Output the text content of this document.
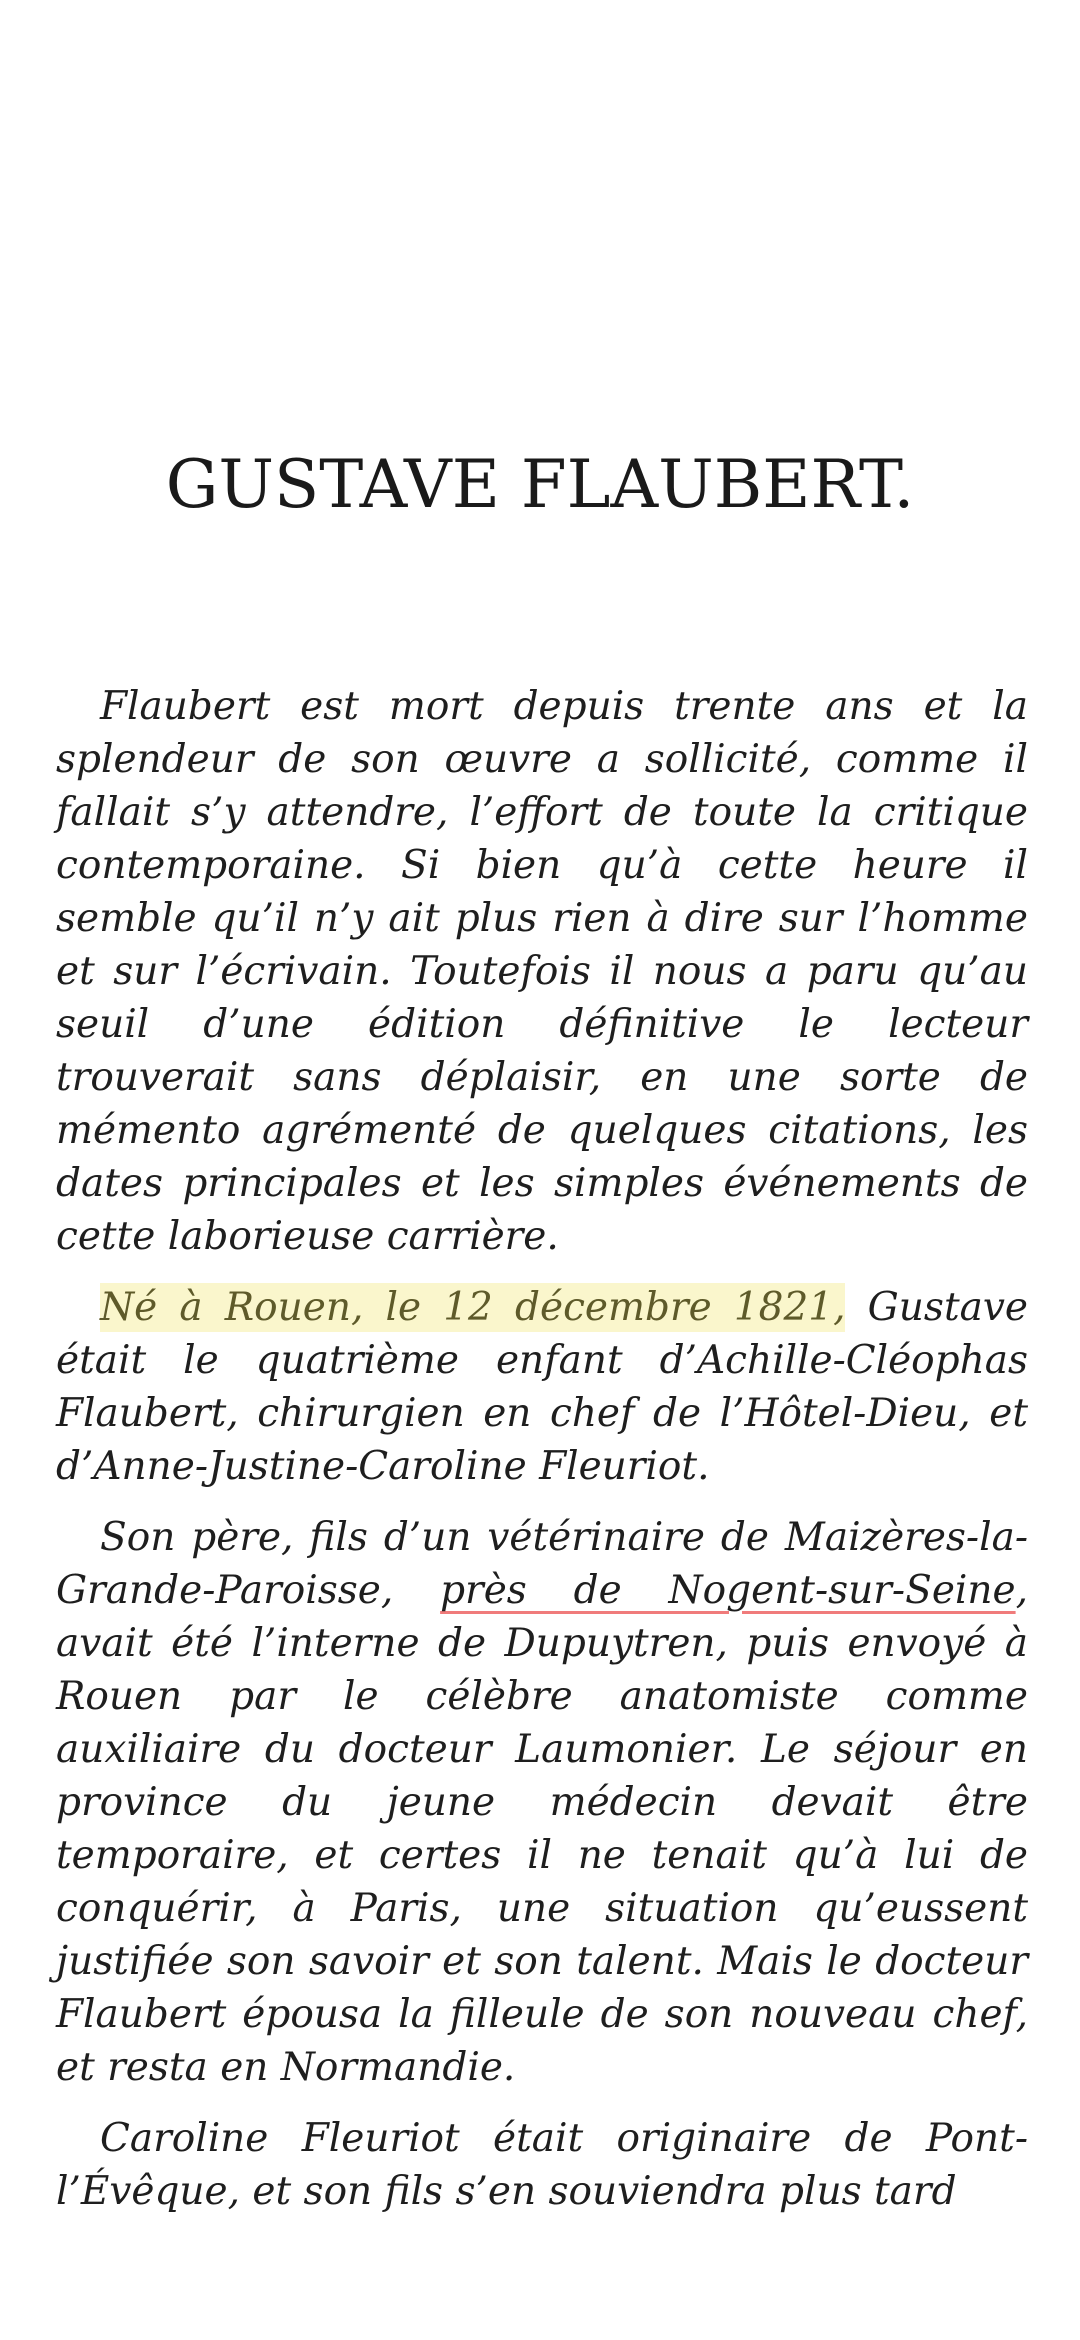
GUSTAVE FLAUBERT.

Flaubert est mort depuis trente ans et la splendeur de son œuvre a sollicité, comme il fallait s’y attendre, l’effort de toute la critique contemporaine. Si bien qu’à cette heure il semble qu’il n’y ait plus rien à dire sur l’homme et sur l’écrivain. Toutefois il nous a paru qu’au seuil d’une édition définitive le lecteur trouverait sans déplaisir, en une sorte de mémento agrémenté de quelques citations, les dates principales et les simples événements de cette laborieuse carrière.

Né à Rouen, le 12 décembre 1821, Gustave était le quatrième enfant d’Achille-Cléophas Flaubert, chirurgien en chef de l’Hôtel-Dieu, et d’Anne-Justine-Caroline Fleuriot.

Son père, fils d’un vétérinaire de Maizères-la-Grande-Paroisse, près de Nogent-sur-Seine, avait été l’interne de Dupuytren, puis envoyé à Rouen par le célèbre anatomiste comme auxiliaire du docteur Laumonier. Le séjour en province du jeune médecin devait être temporaire, et certes il ne tenait qu’à lui de conquérir, à Paris, une situation qu’eussent justifiée son savoir et son talent. Mais le docteur Flaubert épousa la filleule de son nouveau chef, et resta en Normandie.

Caroline Fleuriot était originaire de Pont-l’Évêque, et son fils s’en souviendra plus tard
